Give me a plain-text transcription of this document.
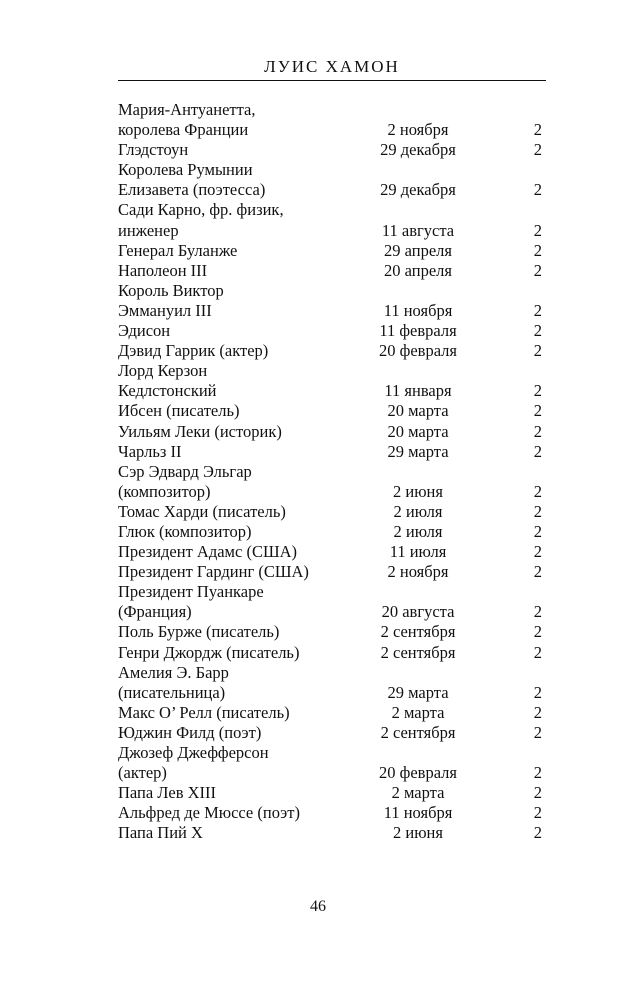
ЛУИС ХАМОН
Мария-Антуанетта,
королева Франции	2 ноября	2
Глэдстоун	29 декабря	2
Королева Румынии
Елизавета (поэтесса)	29 декабря	2
Сади Карно, фр. физик,
инженер	11 августа	2
Генерал Буланже	29 апреля	2
Наполеон III	20 апреля	2
Король Виктор
Эммануил III	11 ноября	2
Эдисон	11 февраля	2
Дэвид Гаррик (актер)	20 февраля	2
Лорд Керзон
Кедлстонский	11 января	2
Ибсен (писатель)	20 марта	2
Уильям Леки (историк)	20 марта	2
Чарльз II	29 марта	2
Сэр Эдвард Эльгар
(композитор)	2 июня	2
Томас Харди (писатель)	2 июля	2
Глюк (композитор)	2 июля	2
Президент Адамс (США)	11 июля	2
Президент Гардинг (США)	2 ноября	2
Президент Пуанкаре
(Франция)	20 августа	2
Поль Бурже (писатель)	2 сентября	2
Генри Джордж (писатель)	2 сентября	2
Амелия Э. Барр
(писательница)	29 марта	2
Макс О’ Релл (писатель)	2 марта	2
Юджин Филд (поэт)	2 сентября	2
Джозеф Джефферсон
(актер)	20 февраля	2
Папа Лев XIII	2 марта	2
Альфред де Мюссе (поэт)	11 ноября	2
Папа Пий X	2 июня	2
46
